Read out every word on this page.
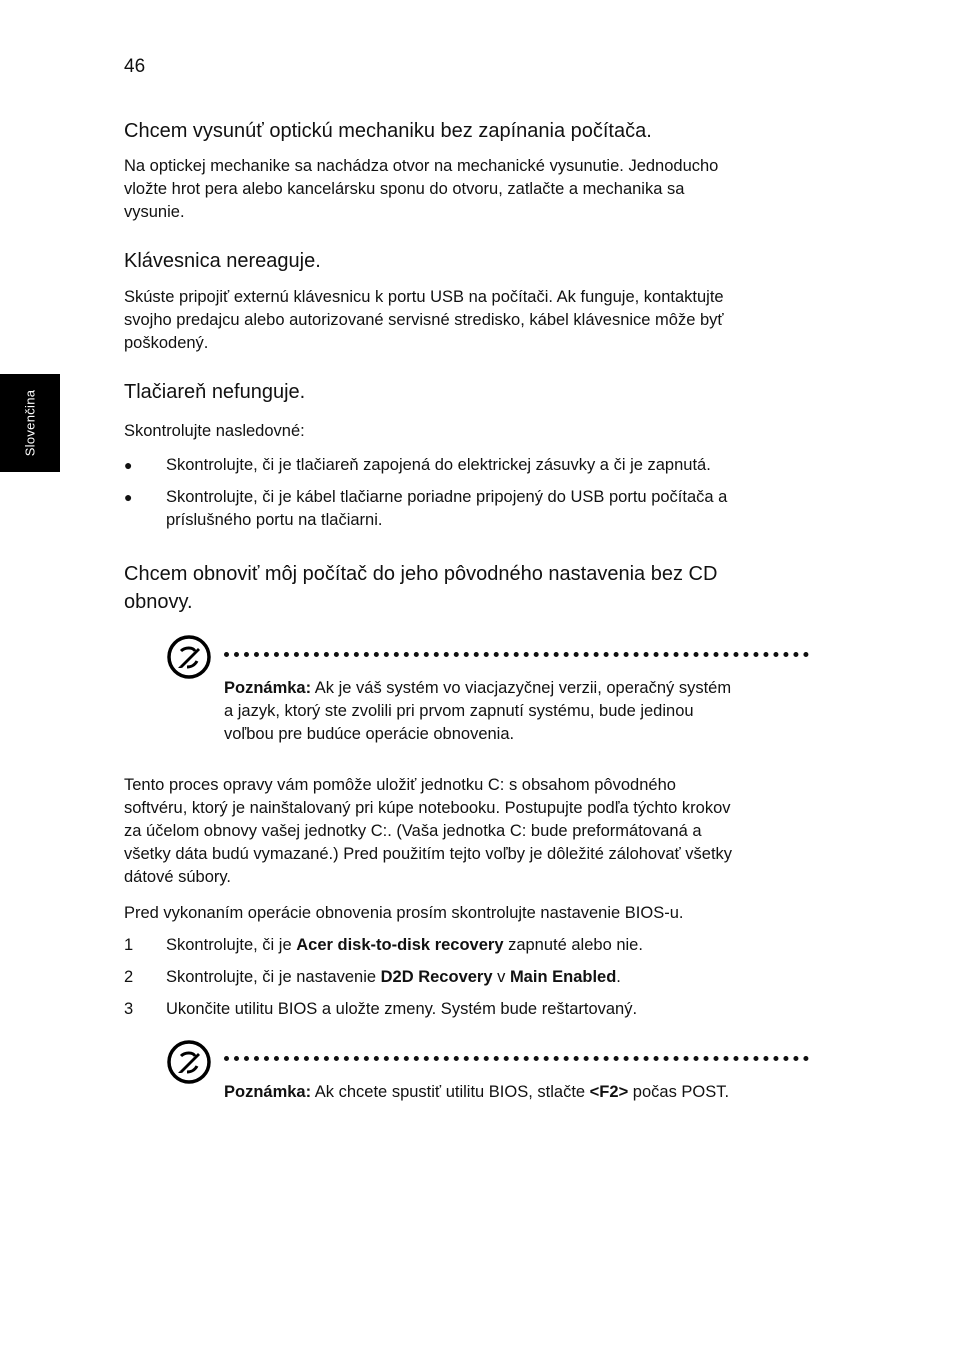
46
Slovenčina
Chcem vysunúť optickú mechaniku bez zapínania počítača.
Na optickej mechanike sa nachádza otvor na mechanické vysunutie. Jednoducho
vložte hrot pera alebo kancelársku sponu do otvoru, zatlačte a mechanika sa
vysunie.
Klávesnica nereaguje.
Skúste pripojiť externú klávesnicu k portu USB na počítači. Ak funguje, kontaktujte
svojho predajcu alebo autorizované servisné stredisko, kábel klávesnice môže byť
poškodený.
Tlačiareň nefunguje.
Skontrolujte nasledovné:
● Skontrolujte, či je tlačiareň zapojená do elektrickej zásuvky a či je zapnutá.
● Skontrolujte, či je kábel tlačiarne poriadne pripojený do USB portu počítača a
príslušného portu na tlačiarni.
Chcem obnoviť môj počítač do jeho pôvodného nastavenia bez CD
obnovy.
Poznámka: Ak je váš systém vo viacjazyčnej verzii, operačný systém
a jazyk, ktorý ste zvolili pri prvom zapnutí systému, bude jedinou
voľbou pre budúce operácie obnovenia.
Tento proces opravy vám pomôže uložiť jednotku C: s obsahom pôvodného
softvéru, ktorý je nainštalovaný pri kúpe notebooku. Postupujte podľa týchto krokov
za účelom obnovy vašej jednotky C:. (Vaša jednotka C: bude preformátovaná a
všetky dáta budú vymazané.) Pred použitím tejto voľby je dôležité zálohovať všetky
dátové súbory.
Pred vykonaním operácie obnovenia prosím skontrolujte nastavenie BIOS-u.
1 Skontrolujte, či je Acer disk-to-disk recovery zapnuté alebo nie.
2 Skontrolujte, či je nastavenie D2D Recovery v Main Enabled.
3 Ukončite utilitu BIOS a uložte zmeny. Systém bude reštartovaný.
Poznámka: Ak chcete spustiť utilitu BIOS, stlačte <F2> počas POST.
